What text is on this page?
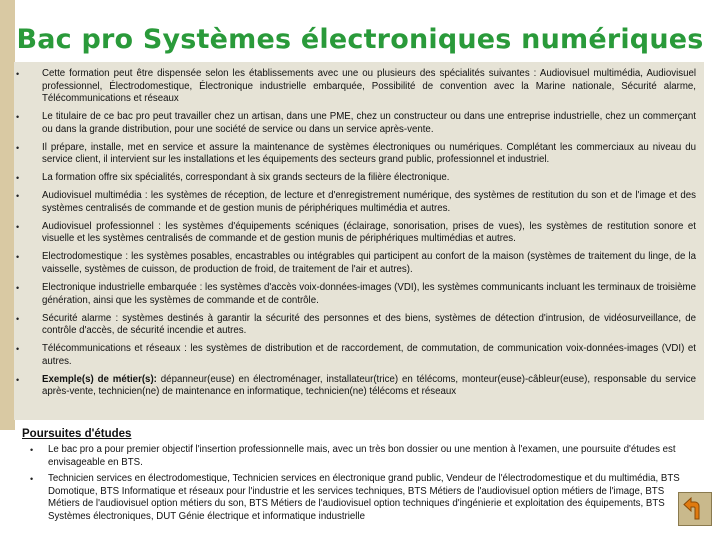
Bac pro Systèmes électroniques numériques
• Cette formation peut être dispensée selon les établissements avec une ou plusieurs des spécialités suivantes : Audiovisuel multimédia, Audiovisuel professionnel, Électrodomestique, Électronique industrielle embarquée, Possibilité de convention avec la Marine nationale, Sécurité alarme, Télécommunications et réseaux
• Le titulaire de ce bac pro peut travailler chez un artisan, dans une PME, chez un constructeur ou dans une entreprise industrielle, chez un commerçant ou dans la grande distribution, pour une société de service ou dans un service après-vente.
• Il prépare, installe, met en service et assure la maintenance de systèmes électroniques ou numériques. Complétant les commerciaux au niveau du service client, il intervient sur les installations et les équipements des secteurs grand public, professionnel et industriel.
• La formation offre six spécialités, correspondant à six grands secteurs de la filière électronique.
• Audiovisuel multimédia : les systèmes de réception, de lecture et d'enregistrement numérique, des systèmes de restitution du son et de l'image et des systèmes centralisés de commande et de gestion munis de périphériques multimédia et autres.
• Audiovisuel professionnel : les systèmes d'équipements scéniques (éclairage, sonorisation, prises de vues), les systèmes de restitution sonore et visuelle et les systèmes centralisés de commande et de gestion munis de périphériques multimédias et autres.
• Electrodomestique : les systèmes posables, encastrables ou intégrables qui participent au confort de la maison (systèmes de traitement du linge, de la vaisselle, systèmes de cuisson, de production de froid, de traitement de l'air et autres).
• Electronique industrielle embarquée : les systèmes d'accès voix-données-images (VDI), les systèmes communicants incluant les terminaux de troisième génération, ainsi que les systèmes de commande et de contrôle.
• Sécurité alarme : systèmes destinés à garantir la sécurité des personnes et des biens, systèmes de détection d'intrusion, de vidéosurveillance, de contrôle d'accès, de sécurité incendie et autres.
• Télécommunications et réseaux : les systèmes de distribution et de raccordement, de commutation, de communication voix-données-images (VDI) et autres.
• Exemple(s) de métier(s): dépanneur(euse) en électroménager, installateur(trice) en télécoms, monteur(euse)-câbleur(euse), responsable du service après-vente, technicien(ne) de maintenance en informatique, technicien(ne) télécoms et réseaux
Poursuites d'études
• Le bac pro a pour premier objectif l'insertion professionnelle mais, avec un très bon dossier ou une mention à l'examen, une poursuite d'études est envisageable en BTS.
• Technicien services en électrodomestique, Technicien services en électronique grand public, Vendeur de l'électrodomestique et du multimédia, BTS Domotique, BTS Informatique et réseaux pour l'industrie et les services techniques, BTS Métiers de l'audiovisuel option métiers de l'image, BTS Métiers de l'audiovisuel option métiers du son, BTS Métiers de l'audiovisuel option techniques d'ingénierie et exploitation des équipements, BTS Systèmes électroniques, DUT Génie électrique et informatique industrielle
